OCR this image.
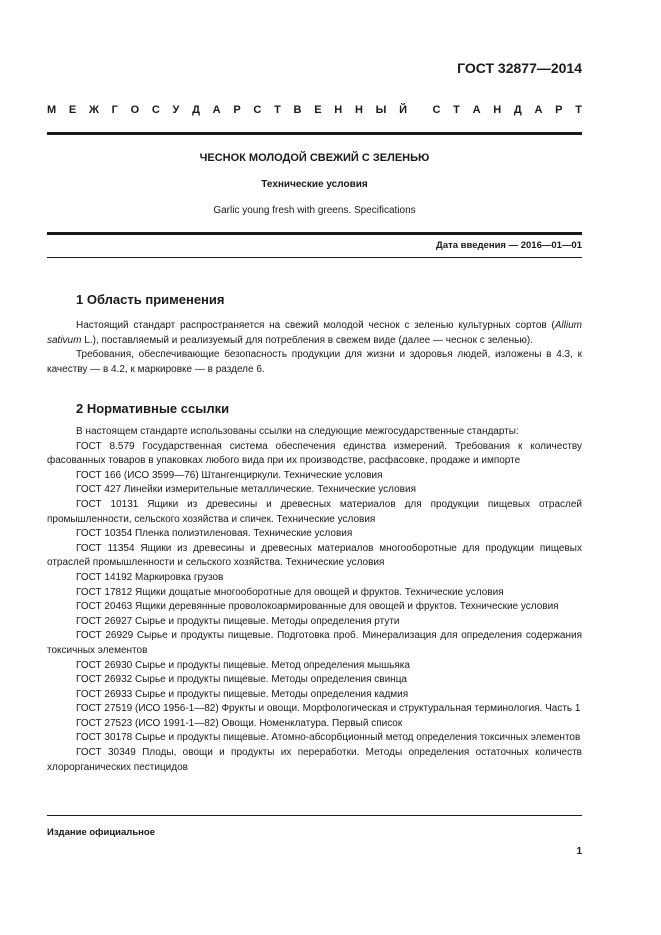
ГОСТ 32877—2014
М Е Ж Г О С У Д А Р С Т В Е Н Н Ы Й С Т А Н Д А Р Т
ЧЕСНОК МОЛОДОЙ СВЕЖИЙ С ЗЕЛЕНЬЮ
Технические условия
Garlic young fresh with greens. Specifications
Дата введения — 2016—01—01
1 Область применения

Настоящий стандарт распространяется на свежий молодой чеснок с зеленью культурных сортов (Allium sativum L.), поставляемый и реализуемый для потребления в свежем виде (далее — чеснок с зеленью).

Требования, обеспечивающие безопасность продукции для жизни и здоровья людей, изложены в 4.3, к качеству — в 4.2, к маркировке — в разделе 6.

2 Нормативные ссылки
В настоящем стандарте использованы ссылки на следующие межгосударственные стандарты:
ГОСТ 8.579 Государственная система обеспечения единства измерений. Требования к количеству фасованных товаров в упаковках любого вида при их производстве, расфасовке, продаже и импорте
ГОСТ 166 (ИСО 3599—76) Штангенциркули. Технические условия
ГОСТ 427 Линейки измерительные металлические. Технические условия
ГОСТ 10131 Ящики из древесины и древесных материалов для продукции пищевых отраслей промышленности, сельского хозяйства и спичек. Технические условия
ГОСТ 10354 Пленка полиэтиленовая. Технические условия
ГОСТ 11354 Ящики из древесины и древесных материалов многооборотные для продукции пищевых отраслей промышленности и сельского хозяйства. Технические условия
ГОСТ 14192 Маркировка грузов
ГОСТ 17812 Ящики дощатые многооборотные для овощей и фруктов. Технические условия
ГОСТ 20463 Ящики деревянные проволокоармированные для овощей и фруктов. Технические условия
ГОСТ 26927 Сырье и продукты пищевые. Методы определения ртути
ГОСТ 26929 Сырье и продукты пищевые. Подготовка проб. Минерализация для определения содержания токсичных элементов
ГОСТ 26930 Сырье и продукты пищевые. Метод определения мышьяка
ГОСТ 26932 Сырье и продукты пищевые. Методы определения свинца
ГОСТ 26933 Сырье и продукты пищевые. Методы определения кадмия
ГОСТ 27519 (ИСО 1956-1—82) Фрукты и овощи. Морфологическая и структуральная терминология. Часть 1
ГОСТ 27523 (ИСО 1991-1—82) Овощи. Номенклатура. Первый список
ГОСТ 30178 Сырье и продукты пищевые. Атомно-абсорбционный метод определения токсичных элементов
ГОСТ 30349 Плоды, овощи и продукты их переработки. Методы определения остаточных количеств хлорорганических пестицидов
Издание официальное
1
